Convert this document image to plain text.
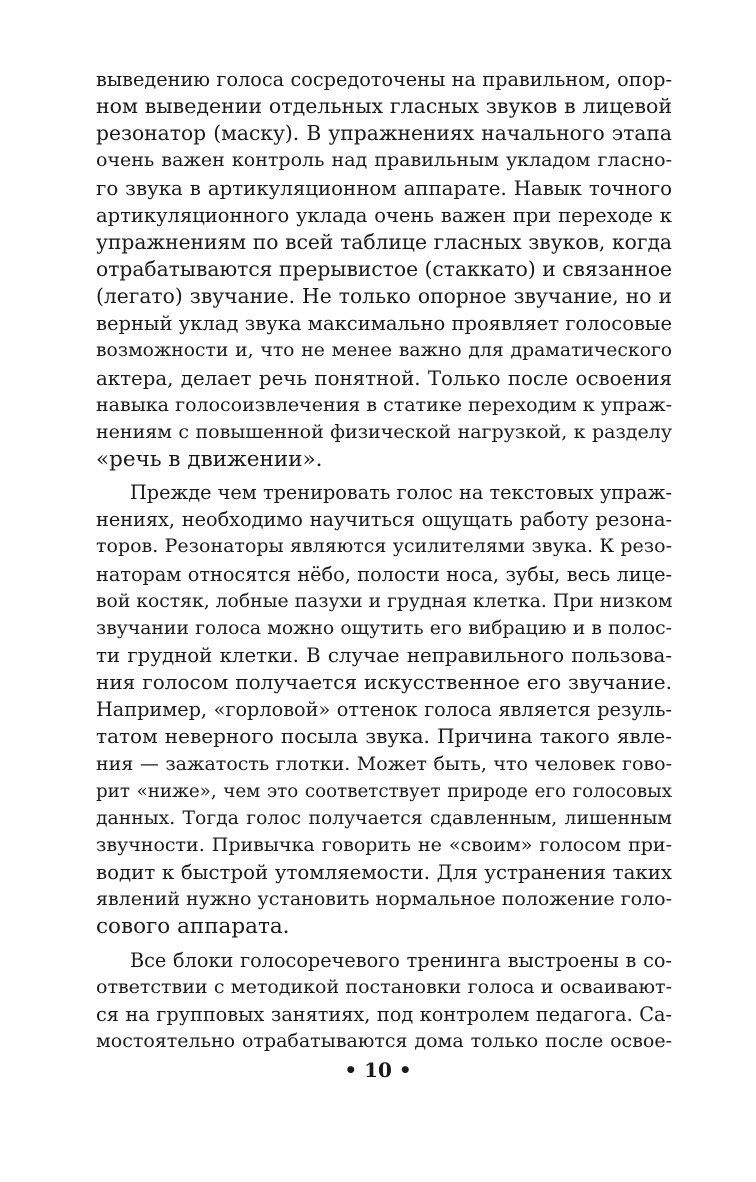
выведению голоса сосредоточены на правильном, опор-
ном выведении отдельных гласных звуков в лицевой
резонатор (маску). В упражнениях начального этапа
очень важен контроль над правильным укладом гласно-
го звука в артикуляционном аппарате. Навык точного
артикуляционного уклада очень важен при переходе к
упражнениям по всей таблице гласных звуков, когда
отрабатываются прерывистое (стаккато) и связанное
(легато) звучание. Не только опорное звучание, но и
верный уклад звука максимально проявляет голосовые
возможности и, что не менее важно для драматического
актера, делает речь понятной. Только после освоения
навыка голосоизвлечения в статике переходим к упраж-
нениям с повышенной физической нагрузкой, к разделу
«речь в движении».
Прежде чем тренировать голос на текстовых упраж-
нениях, необходимо научиться ощущать работу резона-
торов. Резонаторы являются усилителями звука. К резо-
наторам относятся нёбо, полости носа, зубы, весь лице-
вой костяк, лобные пазухи и грудная клетка. При низком
звучании голоса можно ощутить его вибрацию и в полос-
ти грудной клетки. В случае неправильного пользова-
ния голосом получается искусственное его звучание.
Например, «горловой» оттенок голоса является резуль-
татом неверного посыла звука. Причина такого явле-
ния — зажатость глотки. Может быть, что человек гово-
рит «ниже», чем это соответствует природе его голосовых
данных. Тогда голос получается сдавленным, лишенным
звучности. Привычка говорить не «своим» голосом при-
водит к быстрой утомляемости. Для устранения таких
явлений нужно установить нормальное положение голо-
сового аппарата.
Все блоки голосоречевого тренинга выстроены в со-
ответствии с методикой постановки голоса и осваивают-
ся на групповых занятиях, под контролем педагога. Са-
мостоятельно отрабатываются дома только после освое-
• 10 •
